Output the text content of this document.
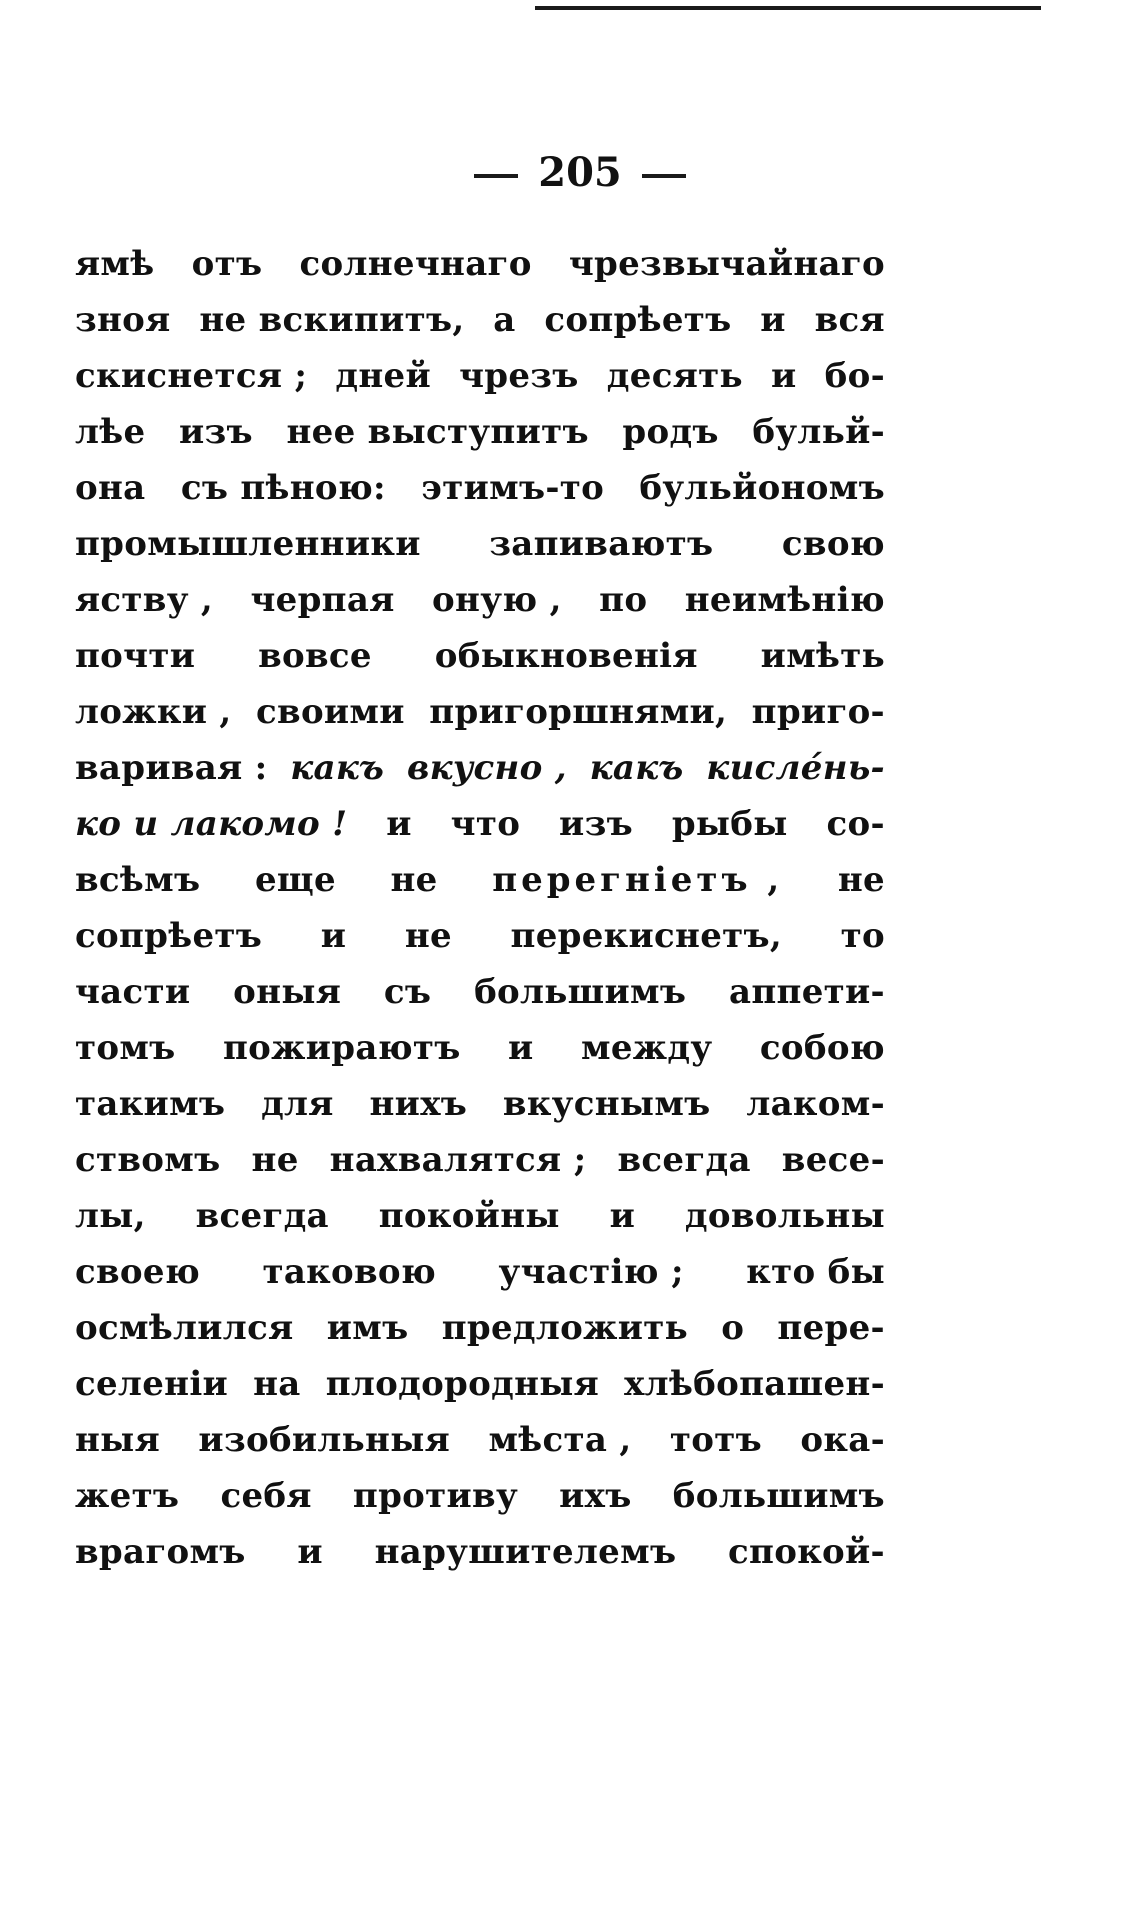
205
ямѣ отъ солнечнаго чрезвычайнаго
зноя не вскипитъ, а сопрѣетъ и вся
скиснется ; дней чрезъ десять и бо-
лѣе изъ нее выступитъ родъ бульй-
она съ пѣною: этимъ-то бульйономъ
промышленники запиваютъ свою
яству , черпая оную , по неимѣнію
почти вовсе обыкновенія имѣть
ложки , своими пригоршнями, приго-
варивая : какъ вкусно , какъ кисле́нь-
ко и лакомо ! и что изъ рыбы со-
всѣмъ еще не перегніетъ , не
сопрѣетъ и не перекиснетъ, то
части оныя съ большимъ аппети-
томъ пожираютъ и между собою
такимъ для нихъ вкуснымъ лаком-
ствомъ не нахвалятся ; всегда весе-
лы, всегда покойны и довольны
своею таковою участію ; кто бы
осмѣлился имъ предложить о пере-
селеніи на плодородныя хлѣбопашен-
ныя изобильныя мѣста , тотъ ока-
жетъ себя противу ихъ большимъ
врагомъ и нарушителемъ спокой-
